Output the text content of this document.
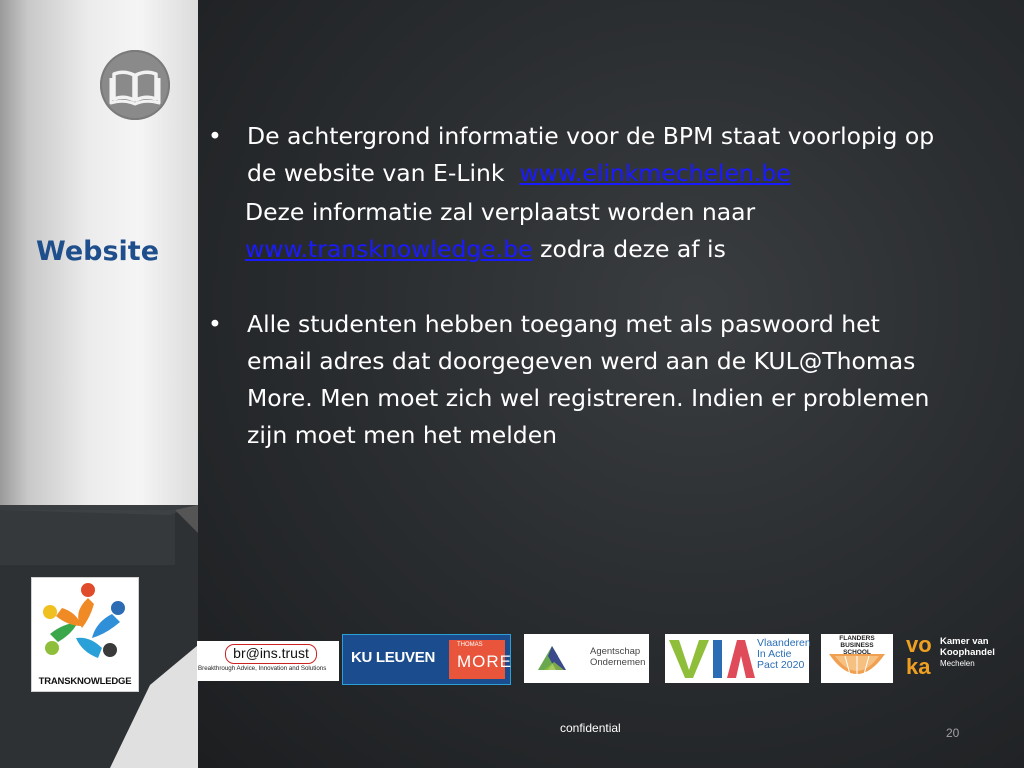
Website
TRANSKNOWLEDGE
• De achtergrond informatie voor de BPM staat voorlopig op
de website van E-Link www.elinkmechelen.be
Deze informatie zal verplaatst worden naar
www.transknowledge.be zodra deze af is
• Alle studenten hebben toegang met als paswoord het
email adres dat doorgegeven werd aan de KUL@Thomas
More. Men moet zich wel registreren. Indien er problemen
zijn moet men het melden
br@ins.trust
Breakthrough Advice, Innovation and Solutions
KU LEUVEN
THOMAS
MORE
Agentschap
Ondernemen
Vlaanderen
In Actie
Pact 2020
FLANDERS
BUSINESS
SCHOOL	vo
ka
Kamer van
Koophandel
Mechelen
confidential	20
